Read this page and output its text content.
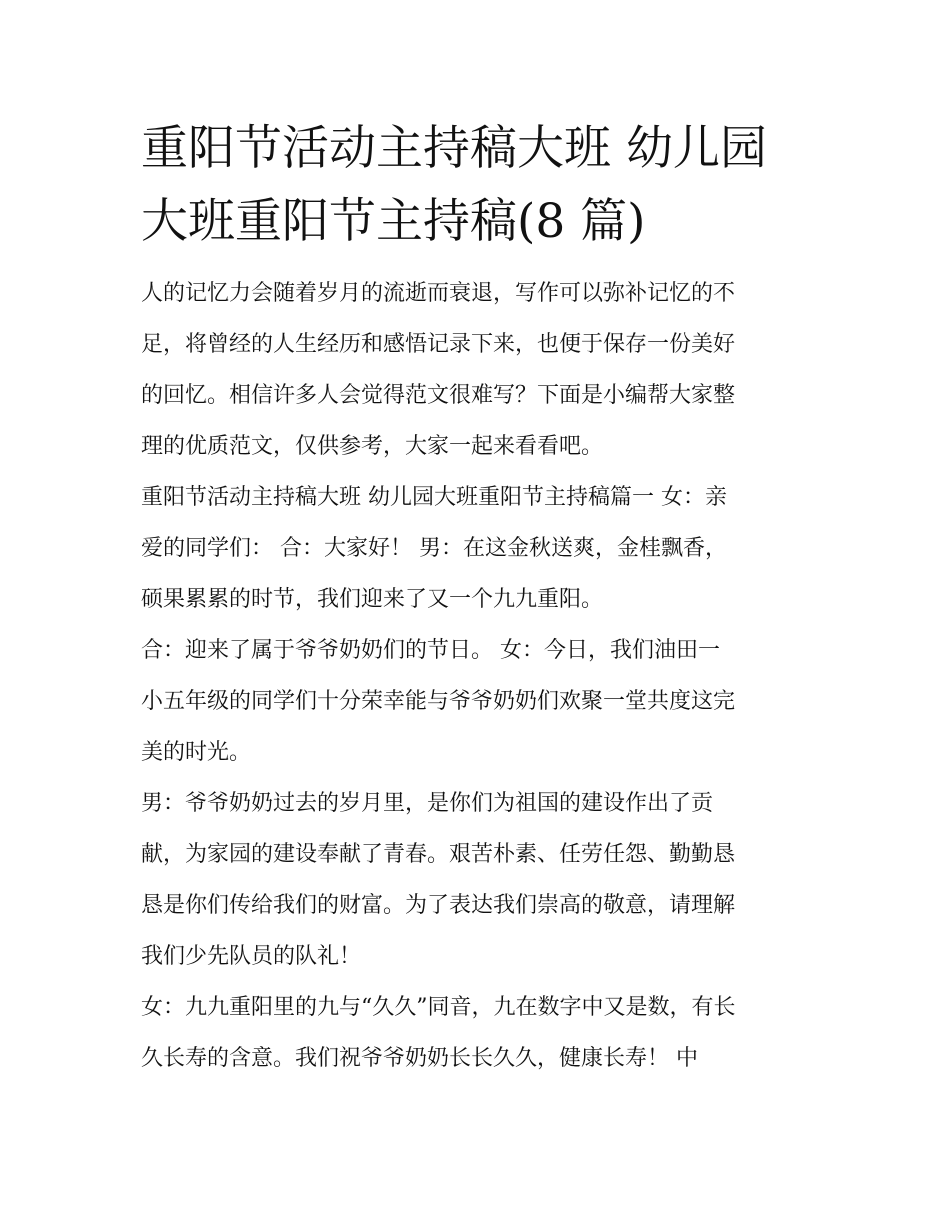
重阳节活动主持稿大班 幼儿园
大班重阳节主持稿(8 篇)

人的记忆力会随着岁月的流逝而衰退，写作可以弥补记忆的不
足，将曾经的人生经历和感悟记录下来，也便于保存一份美好
的回忆。相信许多人会觉得范文很难写？下面是小编帮大家整
理的优质范文，仅供参考，大家一起来看看吧。

重阳节活动主持稿大班 幼儿园大班重阳节主持稿篇一 女：亲
爱的同学们： 合：大家好！ 男：在这金秋送爽，金桂飘香，
硕果累累的时节，我们迎来了又一个九九重阳。

合：迎来了属于爷爷奶奶们的节日。 女：今日，我们油田一
小五年级的同学们十分荣幸能与爷爷奶奶们欢聚一堂共度这完
美的时光。

男：爷爷奶奶过去的岁月里，是你们为祖国的建设作出了贡
献，为家园的建设奉献了青春。艰苦朴素、任劳任怨、勤勤恳
恳是你们传给我们的财富。为了表达我们崇高的敬意，请理解
我们少先队员的队礼！

女：九九重阳里的九与“久久”同音，九在数字中又是数，有长
久长寿的含意。我们祝爷爷奶奶长长久久，健康长寿！ 中
